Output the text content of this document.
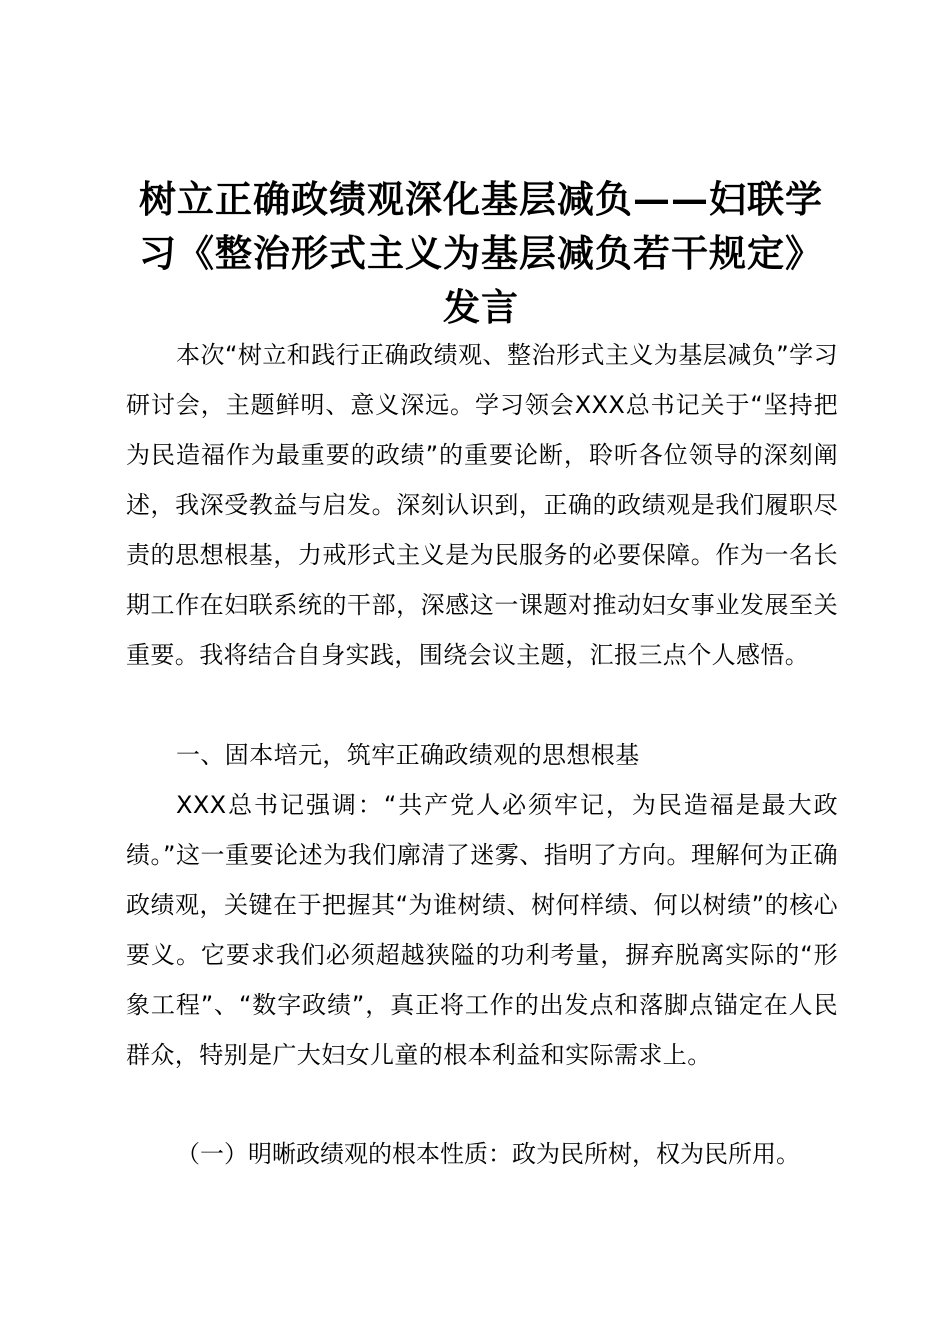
树立正确政绩观深化基层减负——妇联学习《整治形式主义为基层减负若干规定》发言

本次“树立和践行正确政绩观、整治形式主义为基层减负”学习研讨会，主题鲜明、意义深远。学习领会XXX总书记关于“坚持把为民造福作为最重要的政绩”的重要论断，聆听各位领导的深刻阐述，我深受教益与启发。深刻认识到，正确的政绩观是我们履职尽责的思想根基，力戒形式主义是为民服务的必要保障。作为一名长期工作在妇联系统的干部，深感这一课题对推动妇女事业发展至关重要。我将结合自身实践，围绕会议主题，汇报三点个人感悟。

一、固本培元，筑牢正确政绩观的思想根基

XXX总书记强调：“共产党人必须牢记，为民造福是最大政绩。”这一重要论述为我们廓清了迷雾、指明了方向。理解何为正确政绩观，关键在于把握其“为谁树绩、树何样绩、何以树绩”的核心要义。它要求我们必须超越狭隘的功利考量，摒弃脱离实际的“形象工程”、“数字政绩”，真正将工作的出发点和落脚点锚定在人民群众，特别是广大妇女儿童的根本利益和实际需求上。

（一）明晰政绩观的根本性质：政为民所树，权为民所用。
